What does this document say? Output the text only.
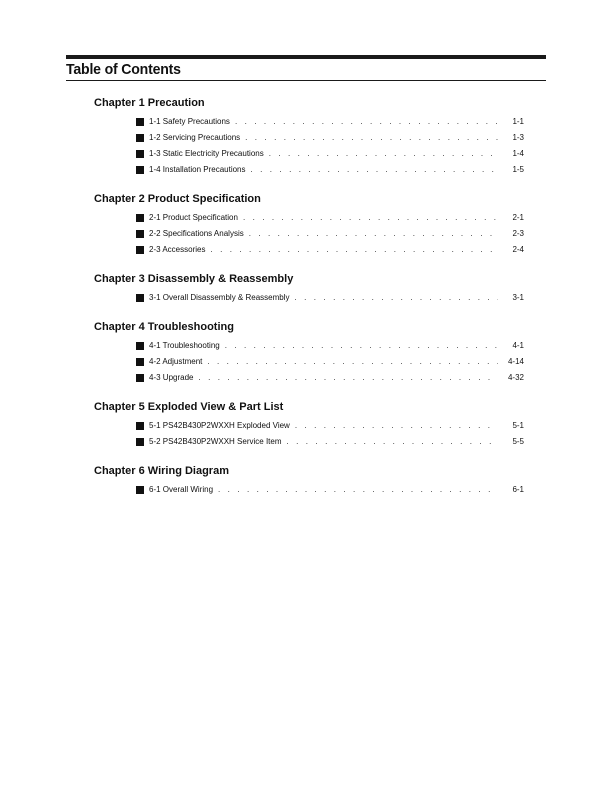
Table of Contents
Chapter 1 Precaution
1-1 Safety Precautions . . .	1-1
1-2 Servicing Precautions . . .	1-3
1-3 Static Electricity Precautions . . .	1-4
1-4 Installation Precautions . . .	1-5
Chapter 2 Product Specification
2-1 Product Specification . . .	2-1
2-2 Specifications Analysis . . .	2-3
2-3 Accessories . . .	2-4
Chapter 3 Disassembly & Reassembly
3-1 Overall Disassembly & Reassembly . . .	3-1
Chapter 4 Troubleshooting
4-1 Troubleshooting . . .	4-1
4-2 Adjustment . . .	4-14
4-3 Upgrade . . .	4-32
Chapter 5 Exploded View & Part List
5-1 PS42B430P2WXXH Exploded View . . .	5-1
5-2 PS42B430P2WXXH Service Item . . .	5-5
Chapter 6 Wiring Diagram
6-1 Overall Wiring . . .	6-1
